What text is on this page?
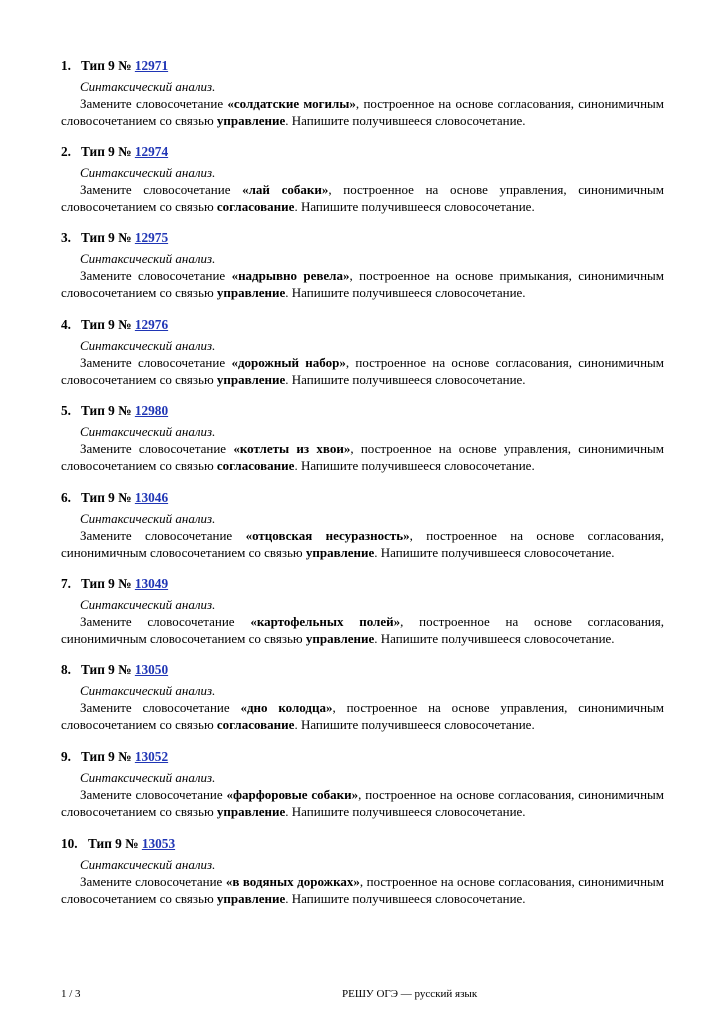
1. Тип 9 № 12971
Синтаксический анализ.
Замените словосочетание «солдатские могилы», построенное на основе согласования, синонимичным словосочетанием со связью управление. Напишите получившееся словосочетание.
2. Тип 9 № 12974
Синтаксический анализ.
Замените словосочетание «лай собаки», построенное на основе управления, синонимичным словосочетанием со связью согласование. Напишите получившееся словосочетание.
3. Тип 9 № 12975
Синтаксический анализ.
Замените словосочетание «надрывно ревела», построенное на основе примыкания, синонимичным словосочетанием со связью управление. Напишите получившееся словосочетание.
4. Тип 9 № 12976
Синтаксический анализ.
Замените словосочетание «дорожный набор», построенное на основе согласования, синонимичным словосочетанием со связью управление. Напишите получившееся словосочетание.
5. Тип 9 № 12980
Синтаксический анализ.
Замените словосочетание «котлеты из хвои», построенное на основе управления, синонимичным словосочетанием со связью согласование. Напишите получившееся словосочетание.
6. Тип 9 № 13046
Синтаксический анализ.
Замените словосочетание «отцовская несуразность», построенное на основе согласования, синонимичным словосочетанием со связью управление. Напишите получившееся словосочетание.
7. Тип 9 № 13049
Синтаксический анализ.
Замените словосочетание «картофельных полей», построенное на основе согласования, синонимичным словосочетанием со связью управление. Напишите получившееся словосочетание.
8. Тип 9 № 13050
Синтаксический анализ.
Замените словосочетание «дно колодца», построенное на основе управления, синонимичным словосочетанием со связью согласование. Напишите получившееся словосочетание.
9. Тип 9 № 13052
Синтаксический анализ.
Замените словосочетание «фарфоровые собаки», построенное на основе согласования, синонимичным словосочетанием со связью управление. Напишите получившееся словосочетание.
10. Тип 9 № 13053
Синтаксический анализ.
Замените словосочетание «в водяных дорожках», построенное на основе согласования, синонимичным словосочетанием со связью управление. Напишите получившееся словосочетание.
1 / 3	РЕШУ ОГЭ — русский язык
